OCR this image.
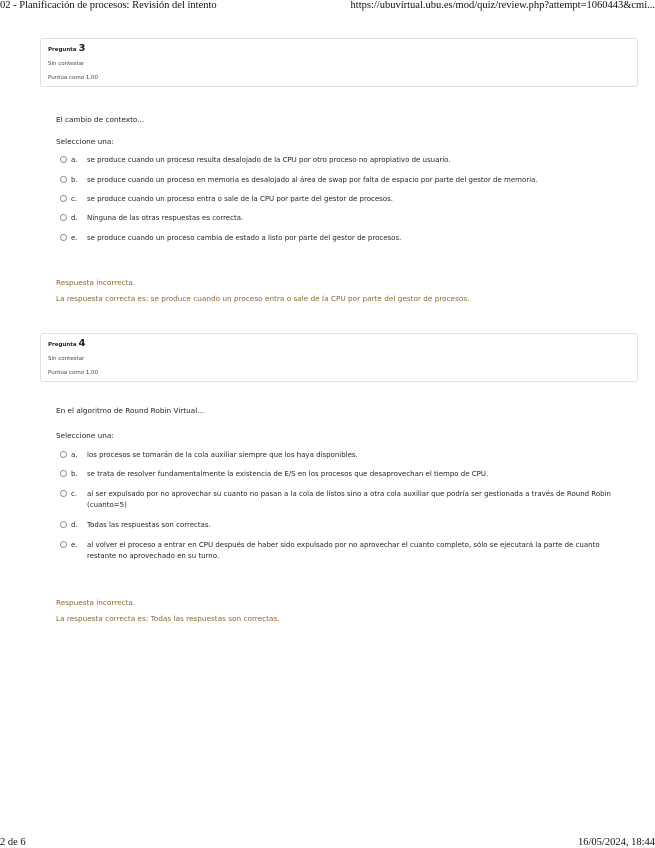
02 - Planificación de procesos: Revisión del intento	https://ubuvirtual.ubu.es/mod/quiz/review.php?attempt=1060443&cmi...
Pregunta 3
Sin contestar
Puntúa como 1,00
El cambio de contexto...
Seleccione una:
a. se produce cuando un proceso resulta desalojado de la CPU por otro proceso no apropiativo de usuario.
b. se produce cuando un proceso en memoria es desalojado al área de swap por falta de espacio por parte del gestor de memoria.
c. se produce cuando un proceso entra o sale de la CPU por parte del gestor de procesos.
d. Ninguna de las otras respuestas es correcta.
e. se produce cuando un proceso cambia de estado a listo por parte del gestor de procesos.
Respuesta incorrecta.
La respuesta correcta es: se produce cuando un proceso entra o sale de la CPU por parte del gestor de procesos.
Pregunta 4
Sin contestar
Puntúa como 1,00
En el algoritmo de Round Robin Virtual...
Seleccione una:
a. los procesos se tomarán de la cola auxiliar siempre que los haya disponibles.
b. se trata de resolver fundamentalmente la existencia de E/S en los procesos que desaprovechan el tiempo de CPU.
c. al ser expulsado por no aprovechar su cuanto no pasan a la cola de listos sino a otra cola auxiliar que podría ser gestionada a través de Round Robin (cuanto=5)
d. Todas las respuestas son correctas.
e. al volver el proceso a entrar en CPU después de haber sido expulsado por no aprovechar el cuanto completo, sólo se ejecutará la parte de cuanto restante no aprovechado en su turno.
Respuesta incorrecta.
La respuesta correcta es: Todas las respuestas son correctas.
2 de 6	16/05/2024, 18:44
